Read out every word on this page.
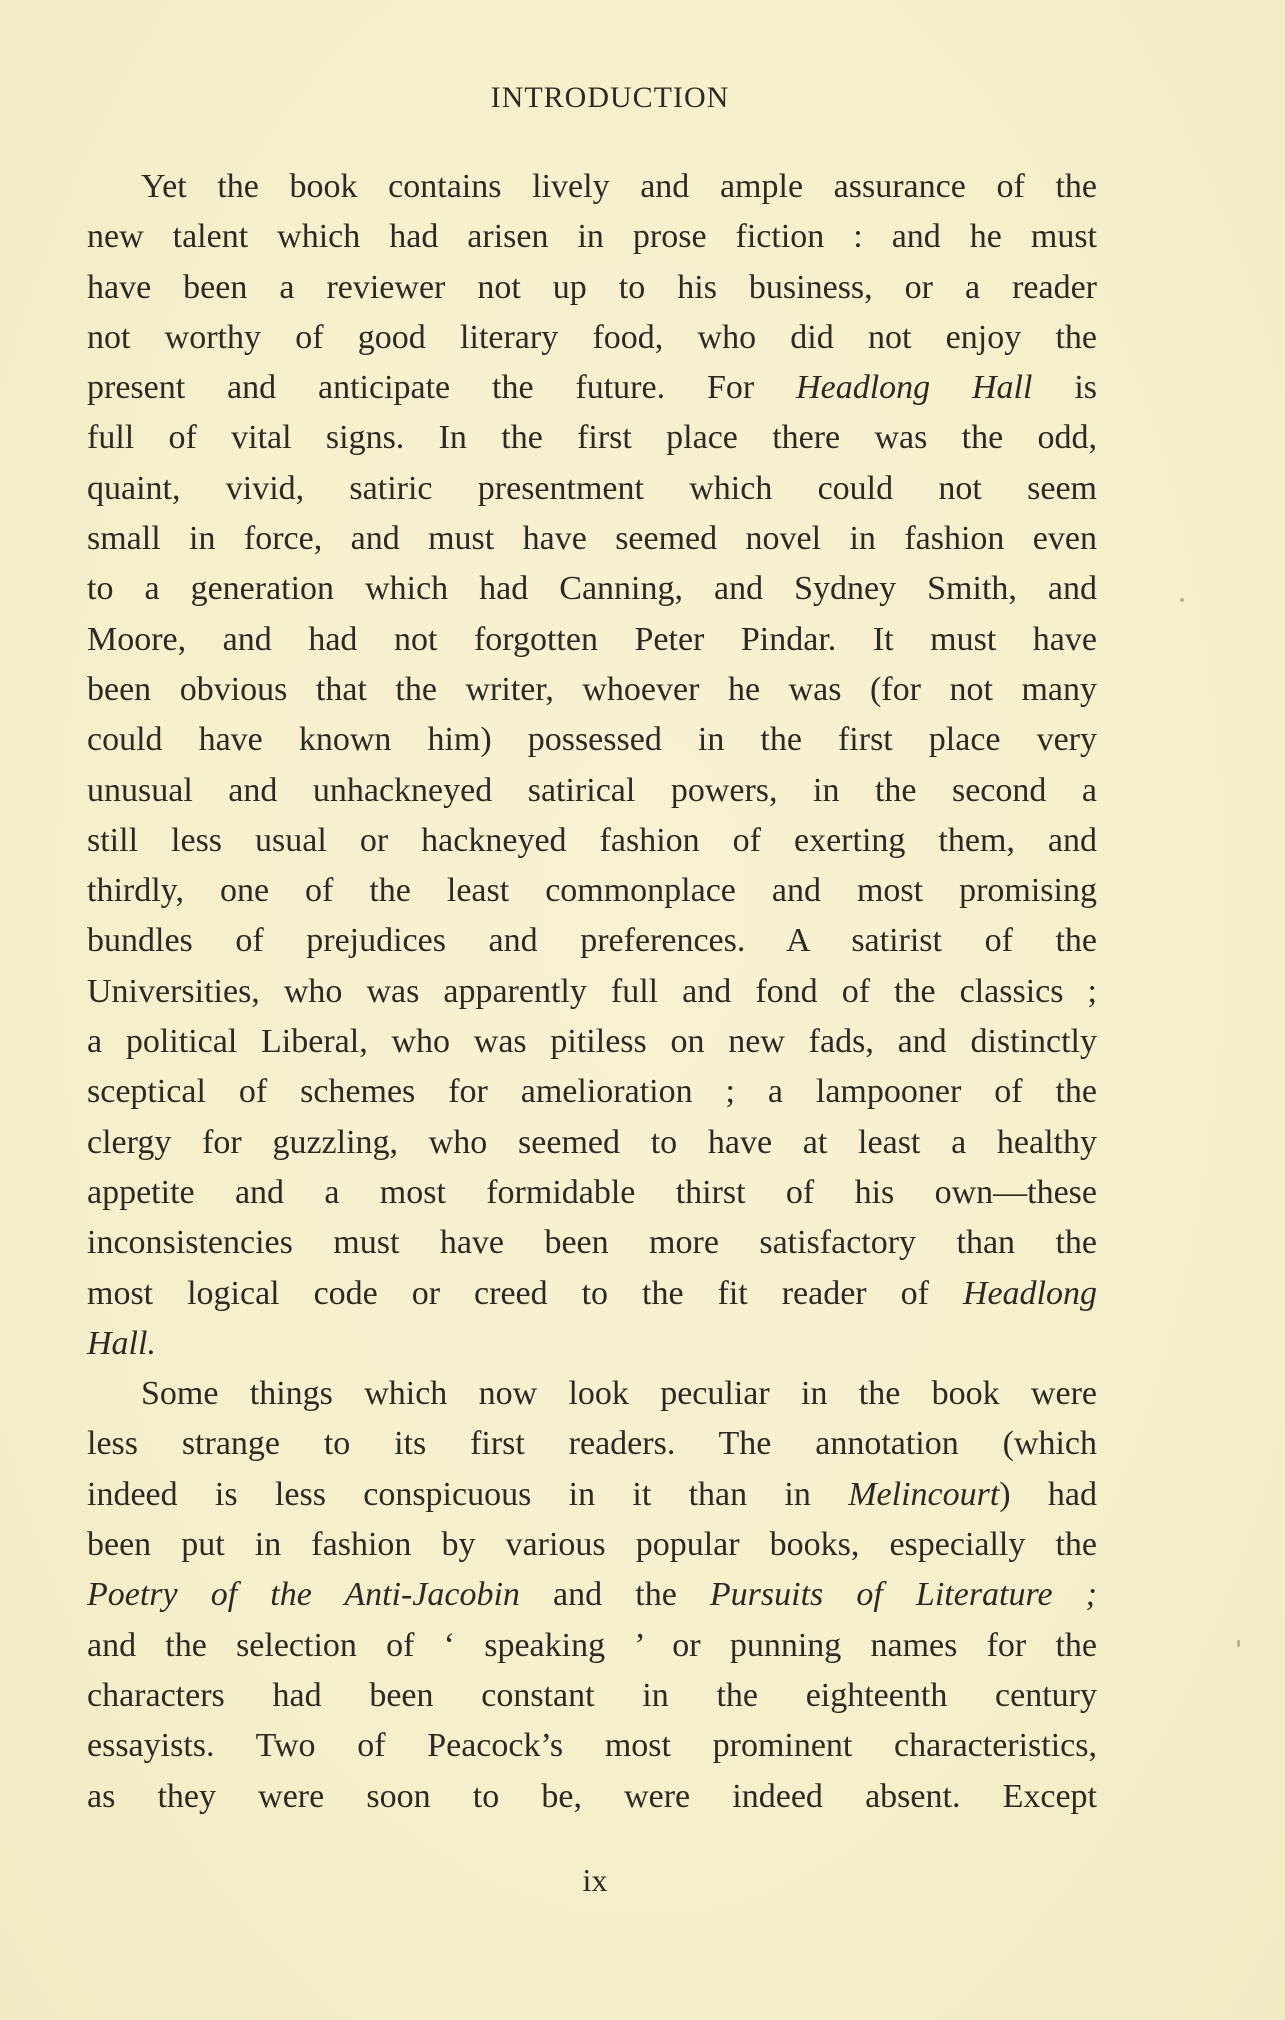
INTRODUCTION
Yet the book contains lively and ample assurance of the
new talent which had arisen in prose fiction : and he must
have been a reviewer not up to his business, or a reader
not worthy of good literary food, who did not enjoy the
present and anticipate the future. For Headlong Hall is
full of vital signs. In the first place there was the odd,
quaint, vivid, satiric presentment which could not seem
small in force, and must have seemed novel in fashion even
to a generation which had Canning, and Sydney Smith, and
Moore, and had not forgotten Peter Pindar. It must have
been obvious that the writer, whoever he was (for not many
could have known him) possessed in the first place very
unusual and unhackneyed satirical powers, in the second a
still less usual or hackneyed fashion of exerting them, and
thirdly, one of the least commonplace and most promising
bundles of prejudices and preferences. A satirist of the
Universities, who was apparently full and fond of the classics ;
a political Liberal, who was pitiless on new fads, and distinctly
sceptical of schemes for amelioration ; a lampooner of the
clergy for guzzling, who seemed to have at least a healthy
appetite and a most formidable thirst of his own—these
inconsistencies must have been more satisfactory than the
most logical code or creed to the fit reader of Headlong
Hall.
Some things which now look peculiar in the book were
less strange to its first readers. The annotation (which
indeed is less conspicuous in it than in Melincourt) had
been put in fashion by various popular books, especially the
Poetry of the Anti-Jacobin and the Pursuits of Literature ;
and the selection of ‘ speaking ’ or punning names for the
characters had been constant in the eighteenth century
essayists. Two of Peacock’s most prominent characteristics,
as they were soon to be, were indeed absent. Except
ix
